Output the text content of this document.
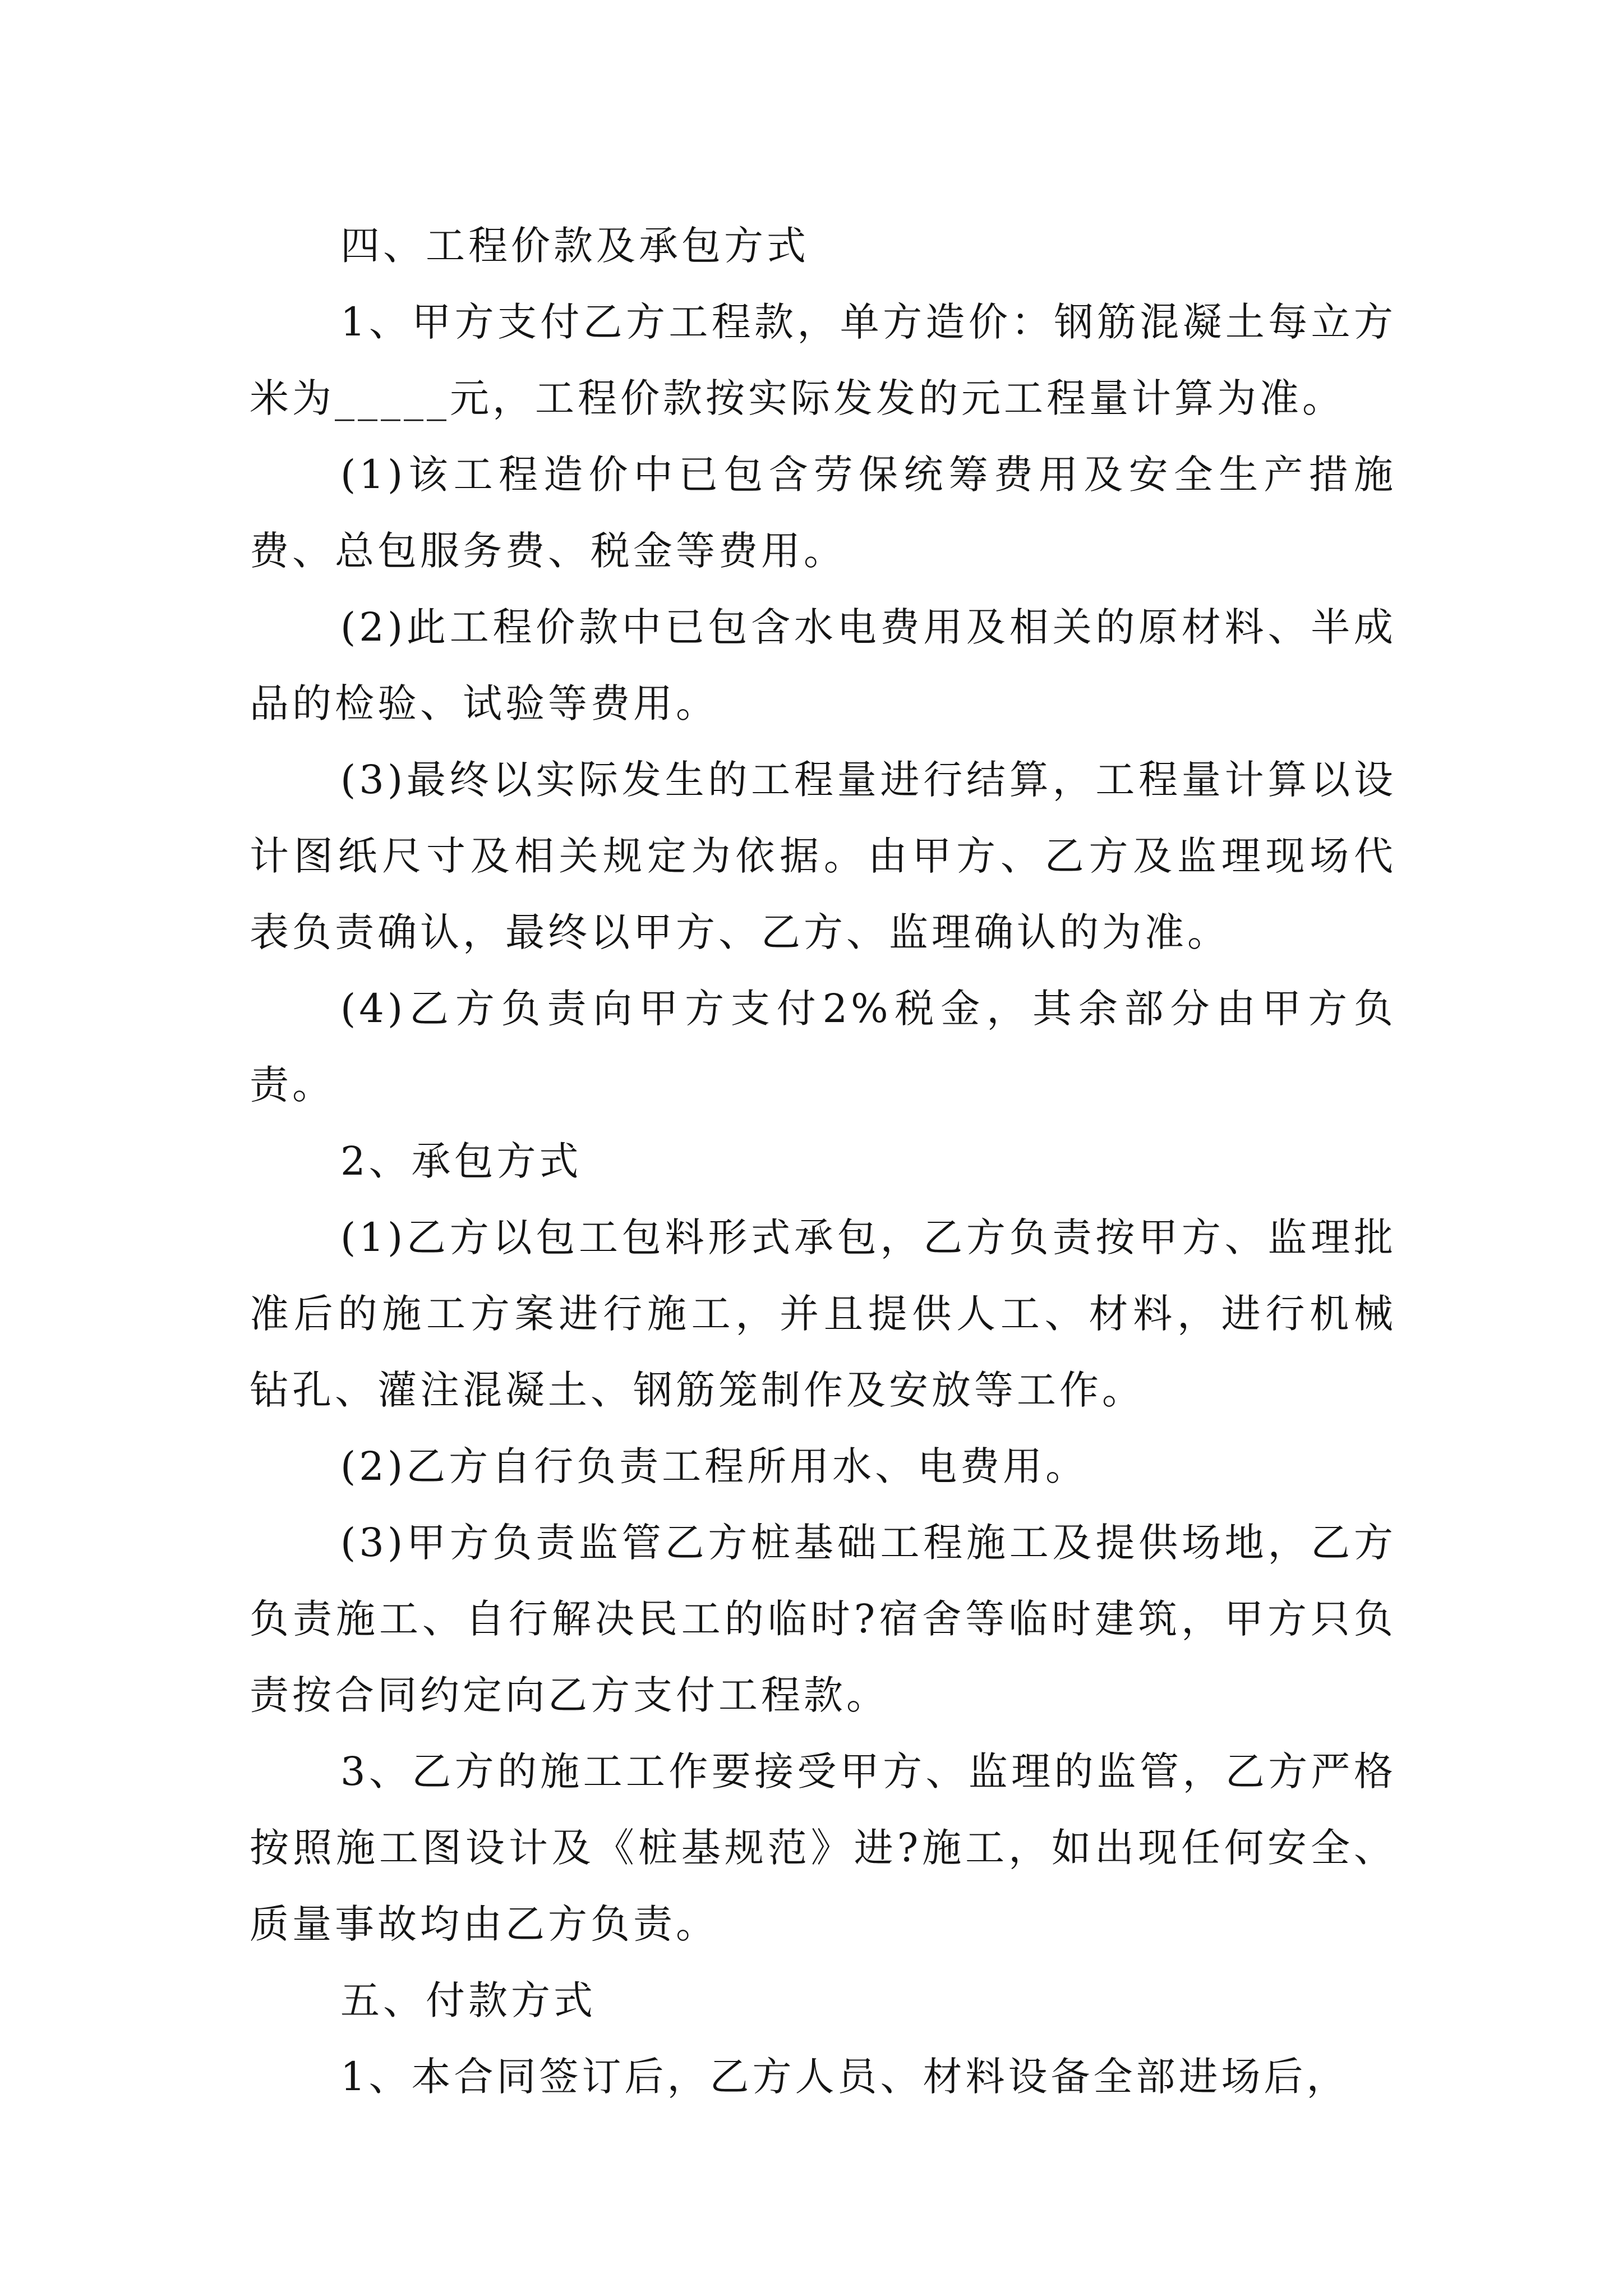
四、工程价款及承包方式

1、甲方支付乙方工程款，单方造价：钢筋混凝土每立方米为_____元，工程价款按实际发发的元工程量计算为准。

(1)该工程造价中已包含劳保统筹费用及安全生产措施费、总包服务费、税金等费用。

(2)此工程价款中已包含水电费用及相关的原材料、半成品的检验、试验等费用。

(3)最终以实际发生的工程量进行结算，工程量计算以设计图纸尺寸及相关规定为依据。由甲方、乙方及监理现场代表负责确认，最终以甲方、乙方、监理确认的为准。

(4)乙方负责向甲方支付2%税金，其余部分由甲方负责。

2、承包方式

(1)乙方以包工包料形式承包，乙方负责按甲方、监理批准后的施工方案进行施工，并且提供人工、材料，进行机械钻孔、灌注混凝土、钢筋笼制作及安放等工作。

(2)乙方自行负责工程所用水、电费用。

(3)甲方负责监管乙方桩基础工程施工及提供场地，乙方负责施工、自行解决民工的临时?宿舍等临时建筑，甲方只负责按合同约定向乙方支付工程款。

3、乙方的施工工作要接受甲方、监理的监管，乙方严格按照施工图设计及《桩基规范》进?施工，如出现任何安全、质量事故均由乙方负责。

五、付款方式

1、本合同签订后，乙方人员、材料设备全部进场后，
